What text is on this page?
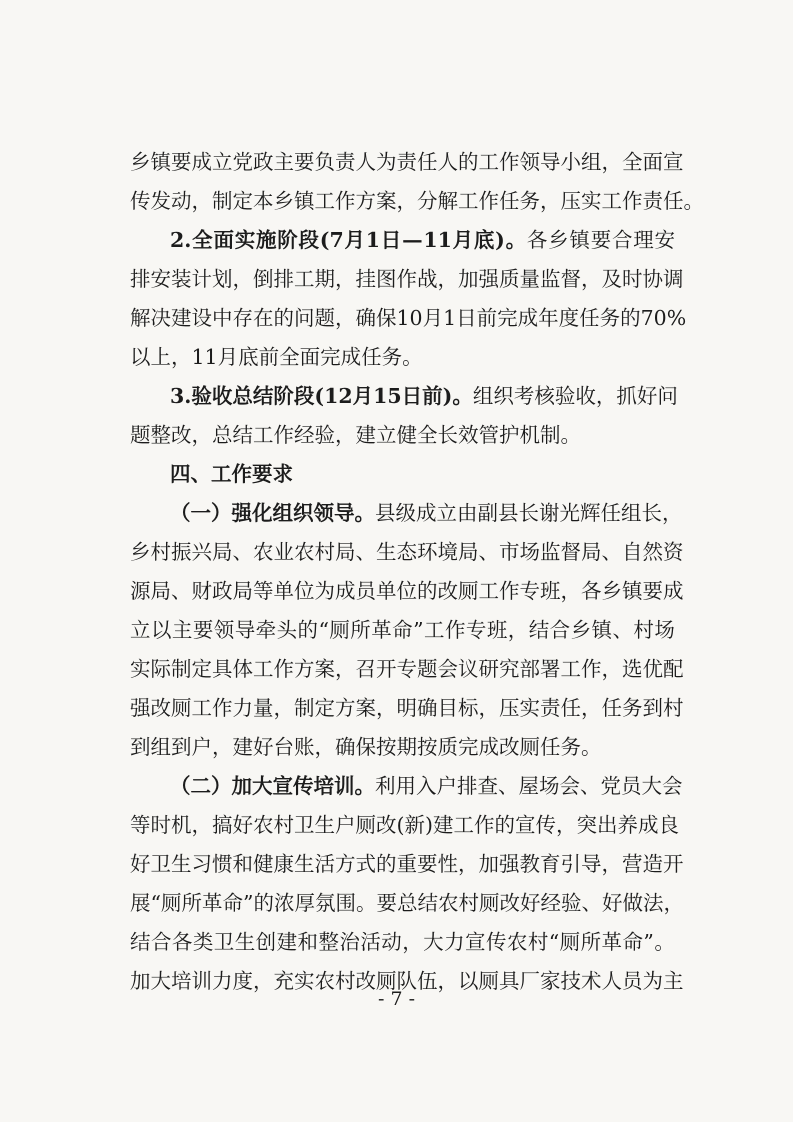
乡 镇 要 成 立 党 政 主 要 负 责 人 为 责 任 人 的 工 作 领 导 小 组 ， 全 面 宣
传发动，制定本乡镇工作方案，分解工作任务，压实工作责任。
2. 全 面 实 施 阶 段 (7 月 1 日 — 11 月 底 ) 。 各 乡 镇 要 合 理 安
排 安 装 计 划 ， 倒 排 工 期 ， 挂 图 作 战 ， 加 强 质 量 监 督 ， 及 时 协 调
解 决 建 设 中 存 在 的 问 题 ， 确 保 10 月 1 日 前 完 成 年 度 任 务 的 70%
以上，11月底前全面完成任务。
3. 验 收 总 结 阶 段 (12 月 15 日 前 ) 。 组 织 考 核 验 收 ， 抓 好 问
题整改，总结工作经验，建立健全长效管护机制。
四、工作要求
（ 一 ） 强 化 组 织 领 导 。 县 级 成 立 由 副 县 长 谢 光 辉 任 组 长 ，
乡 村 振 兴 局 、 农 业 农 村 局 、 生 态 环 境 局 、 市 场 监 督 局 、 自 然 资
源 局 、 财 政 局 等 单 位 为 成 员 单 位 的 改 厕 工 作 专 班 ， 各 乡 镇 要 成
立 以 主 要 领 导 牵 头 的 “ 厕 所 革 命 ” 工 作 专 班 ， 结 合 乡 镇 、 村 场
实 际 制 定 具 体 工 作 方 案 ， 召 开 专 题 会 议 研 究 部 署 工 作 ， 选 优 配
强 改 厕 工 作 力 量 ， 制 定 方 案 ， 明 确 目 标 ， 压 实 责 任 ， 任 务 到 村
到组到户，建好台账，确保按期按质完成改厕任务。
（ 二 ） 加 大 宣 传 培 训 。 利 用 入 户 排 查 、 屋 场 会 、 党 员 大 会
等 时 机 ， 搞 好 农 村 卫 生 户 厕 改 ( 新 ) 建 工 作 的 宣 传 ， 突 出 养 成 良
好 卫 生 习 惯 和 健 康 生 活 方 式 的 重 要 性 ， 加 强 教 育 引 导 ， 营 造 开
展 “ 厕 所 革 命 ” 的 浓 厚 氛 围 。 要 总 结 农 村 厕 改 好 经 验 、 好 做 法 ，
结 合 各 类 卫 生 创 建 和 整 治 活 动 ， 大 力 宣 传 农 村 “ 厕 所 革 命 ” 。
加 大 培 训 力 度 ， 充 实 农 村 改 厕 队 伍 ， 以 厕 具 厂 家 技 术 人 员 为 主
- 7 -
